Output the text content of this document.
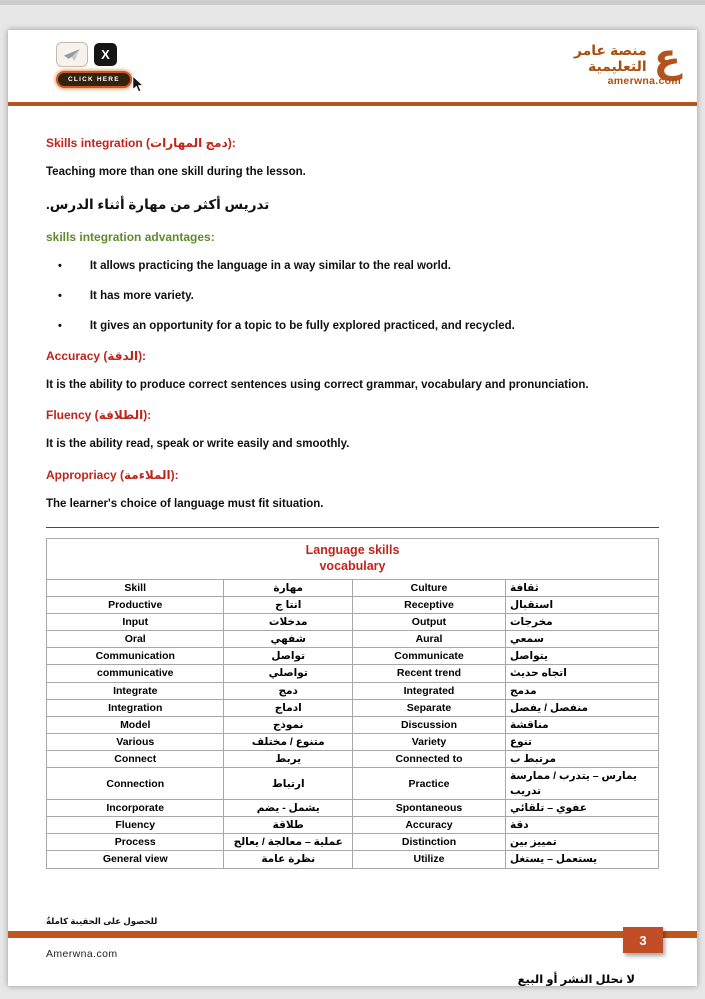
X
CLICK HERE	ع
منصة عامر
التعليمية
amerwna.com
Skills integration (دمج المهارات):
Teaching more than one skill during the lesson.
تدريس أكثر من مهارة أثناء الدرس.
skills integration advantages:
• It allows practicing the language in a way similar to the real world.
• It has more variety.
• It gives an opportunity for a topic to be fully explored practiced, and recycled.
Accuracy (الدقة):
It is the ability to produce correct sentences using correct grammar, vocabulary and pronunciation.
Fluency (الطلاقة):
It is the ability read, speak or write easily and smoothly.
Appropriacy (الملاءمة):
The learner's choice of language must fit situation.
Language skills
vocabulary			

Skill	مهارة	Culture	ثقافة
Productive	انتا ج	Receptive	استقبال
Input	مدخلات	Output	مخرجات
Oral	شفهي	Aural	سمعي
Communication	تواصل	Communicate	يتواصل
communicative	تواصلي	Recent trend	اتجاه حديث
Integrate	دمج	Integrated	مدمج
Integration	ادماج	Separate	منفصل / يفصل
Model	نموذج	Discussion	مناقشة
Various	متنوع / مختلف	Variety	تنوع
Connect	يربط	Connected to	مرتبط ب
Connection	ارتباط	Practice	يمارس – يتدرب / ممارسة تدريب
Incorporate	يشمل - يضم	Spontaneous	عفوي – تلقائي
Fluency	طلاقة	Accuracy	دقة
Process	عملية – معالجة / يعالج	Distinction	تمييز بين
General view	نظرة عامة	Utilize	يستعمل – يستغل
للحصول على الحقيبة كاملةُ
3
Amerwna.com
لا نحلل النشر أو البيع
